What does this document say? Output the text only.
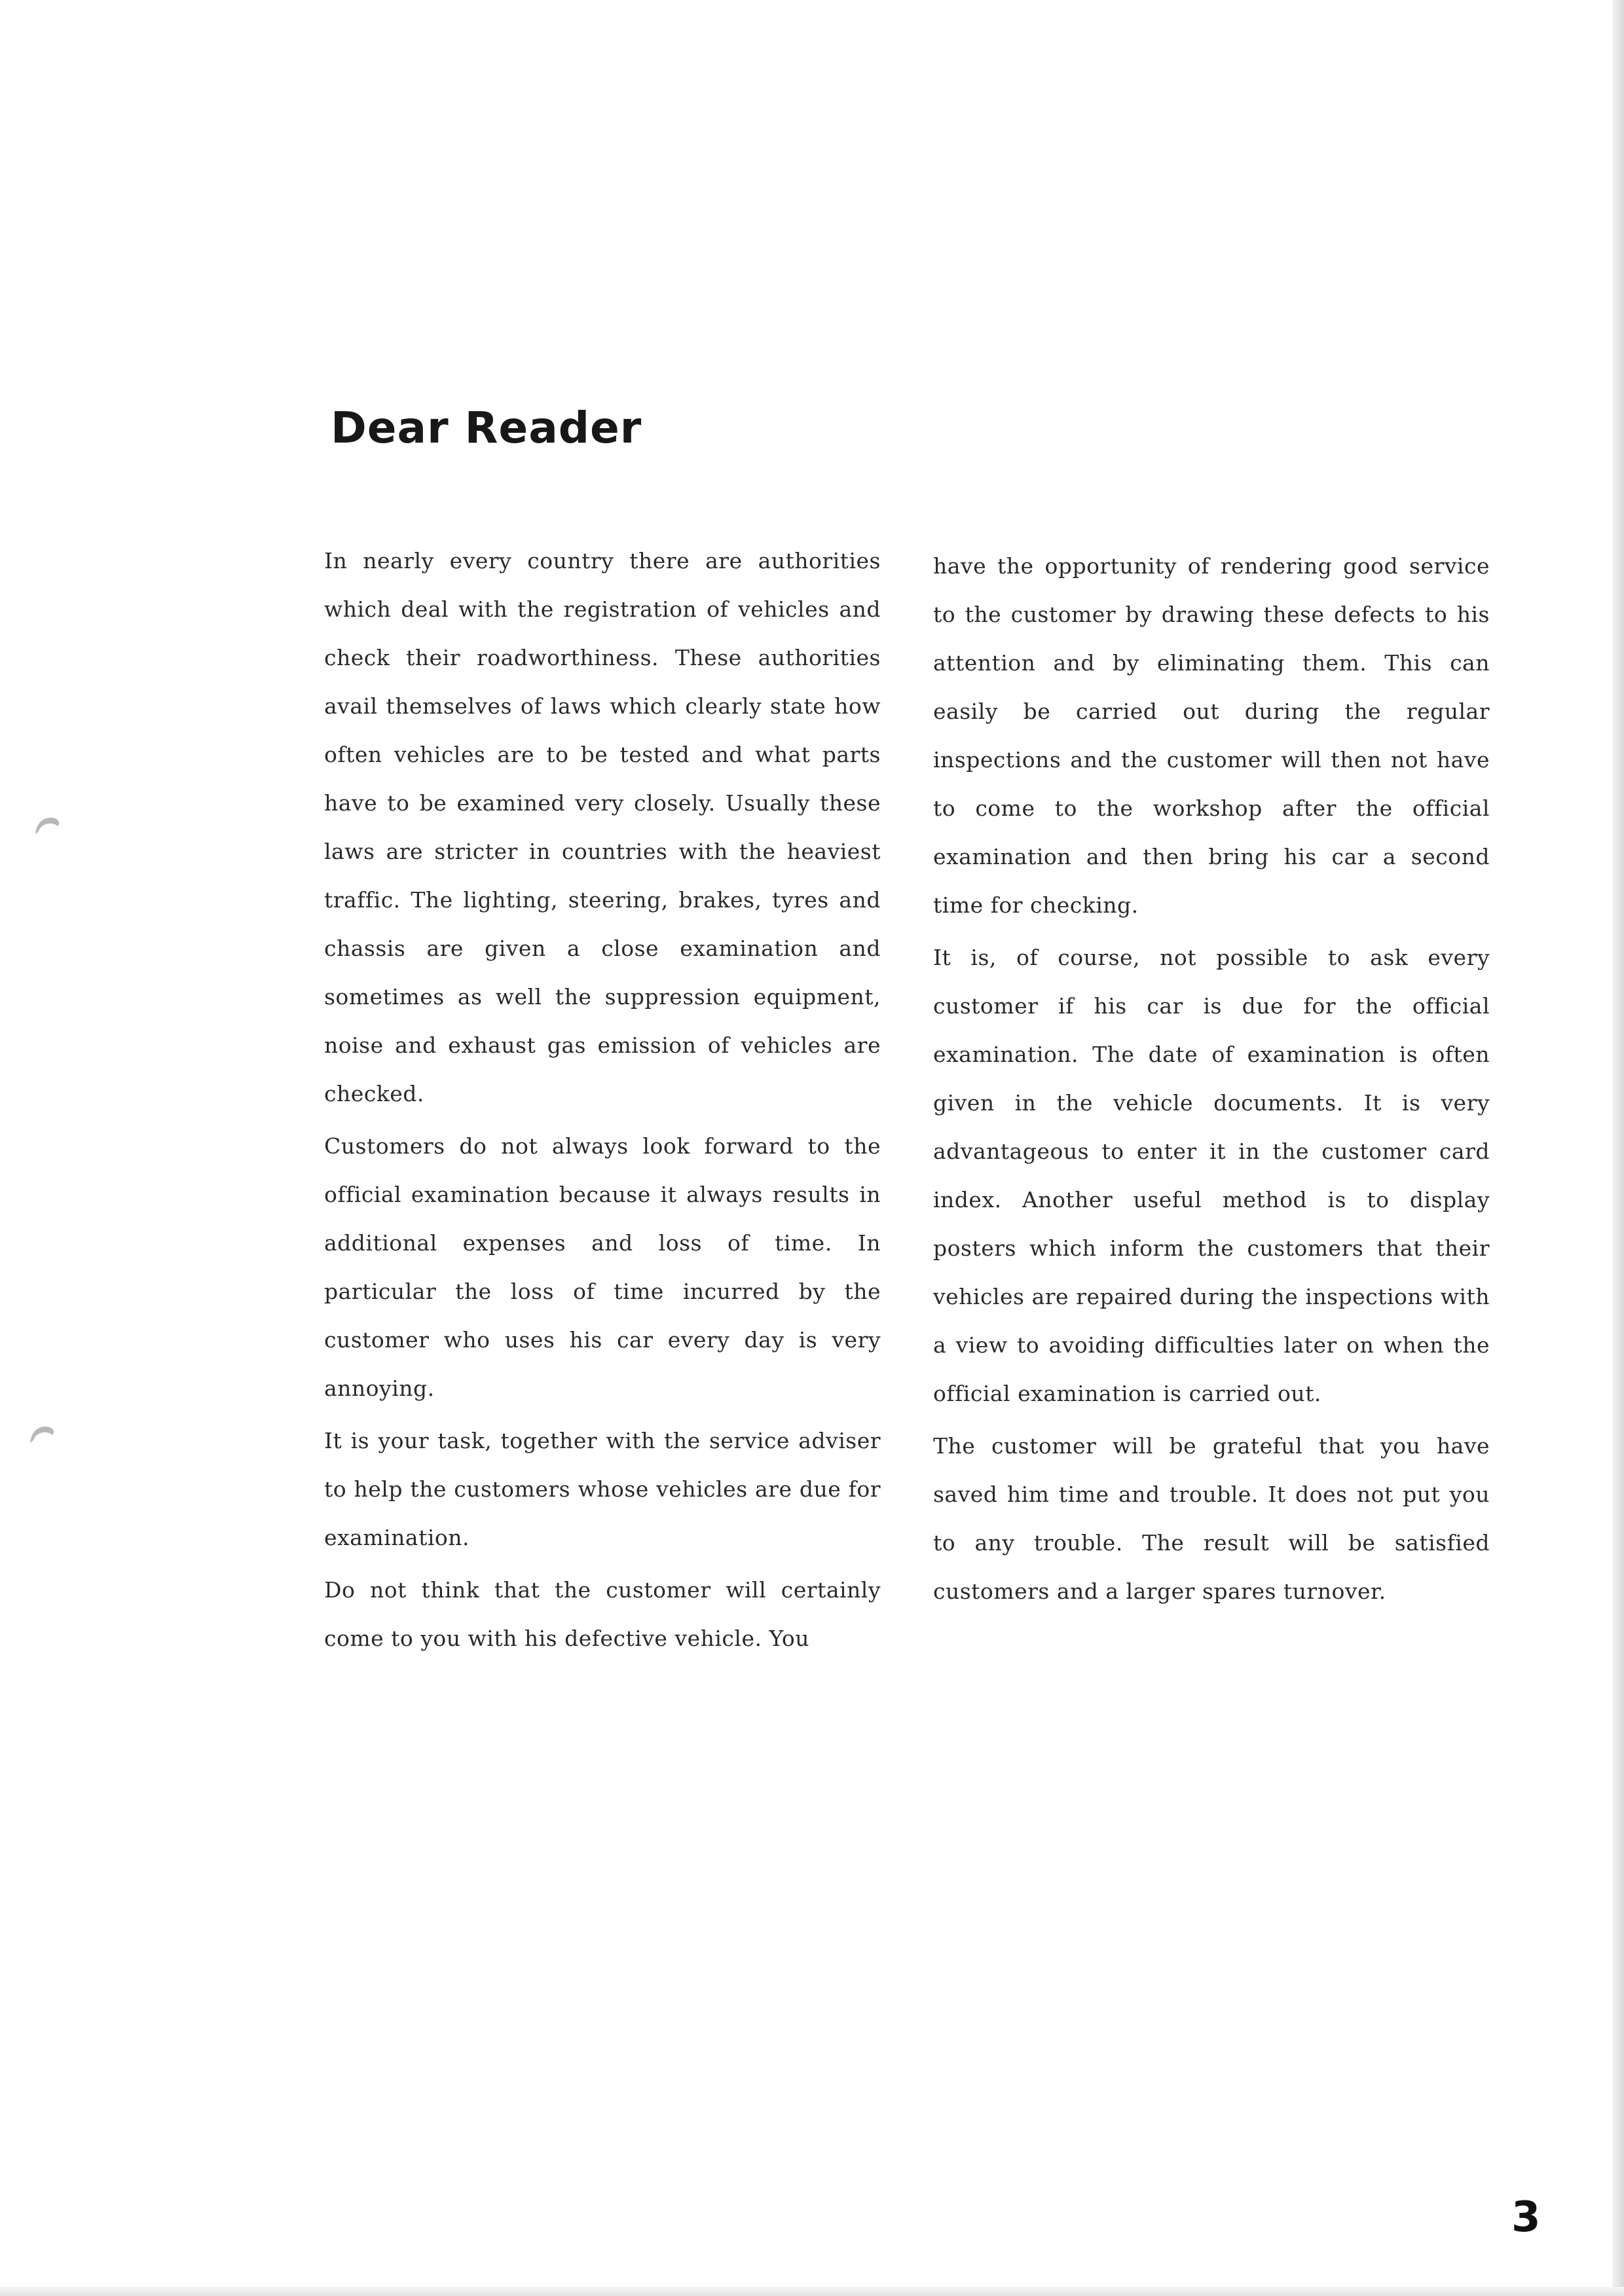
Dear Reader

In nearly every country there are authorities which deal with the registration of vehicles and check their roadworthiness. These authorities avail themselves of laws which clearly state how often vehicles are to be tested and what parts have to be examined very closely. Usually these laws are stricter in countries with the heaviest traffic. The lighting, steering, brakes, tyres and chassis are given a close examination and sometimes as well the suppression equipment, noise and exhaust gas emission of vehicles are checked.

Customers do not always look forward to the official examination because it always results in additional expenses and loss of time. In particular the loss of time incurred by the customer who uses his car every day is very annoying.

It is your task, together with the service adviser to help the customers whose vehicles are due for examination.

Do not think that the customer will certainly come to you with his defective vehicle. You

have the opportunity of rendering good service to the customer by drawing these defects to his attention and by eliminating them. This can easily be carried out during the regular inspections and the customer will then not have to come to the workshop after the official examination and then bring his car a second time for checking.

It is, of course, not possible to ask every customer if his car is due for the official examination. The date of examination is often given in the vehicle documents. It is very advantageous to enter it in the customer card index. Another useful method is to display posters which inform the customers that their vehicles are repaired during the inspections with a view to avoiding difficulties later on when the official examination is carried out.

The customer will be grateful that you have saved him time and trouble. It does not put you to any trouble. The result will be satisfied customers and a larger spares turnover.

3
